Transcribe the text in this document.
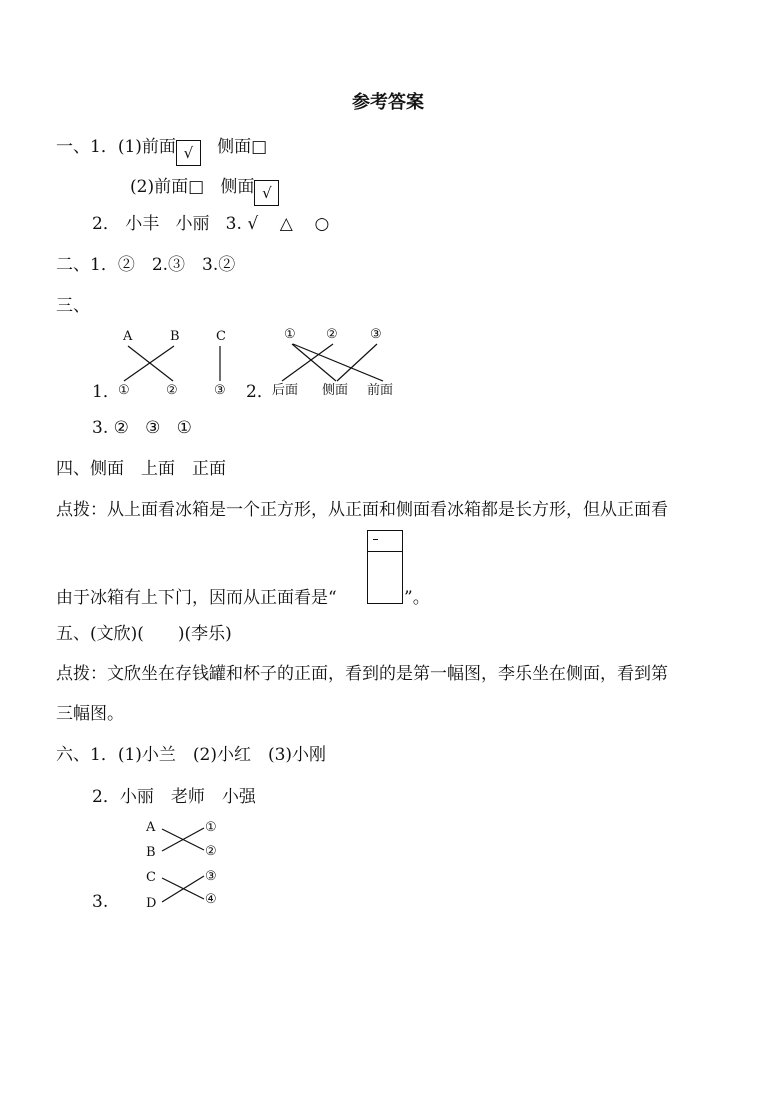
参考答案
一、1．(1)前面 √ 侧面□
(2)前面□ 侧面 √
2． 小丰 小丽 3. √ △ ○
二、1．②　2.③　3.②
三、
A	B	C
1．
①	②	③
① ② ③
2．
后面 侧面 前面
3. ② ③ ①
四、侧面　上面　正面
点拨：从上面看冰箱是一个正方形，从正面和侧面看冰箱都是长方形，但从正面看
由于冰箱有上下门，因而从正面看是“	”。
五、(文欣)(　　)(李乐)
点拨：文欣坐在存钱罐和杯子的正面，看到的是第一幅图，李乐坐在侧面，看到第
三幅图。
六、1．(1)小兰　(2)小红　(3)小刚
2．小丽　老师　小强
A
B
C
D
①
②
③
④
3.
